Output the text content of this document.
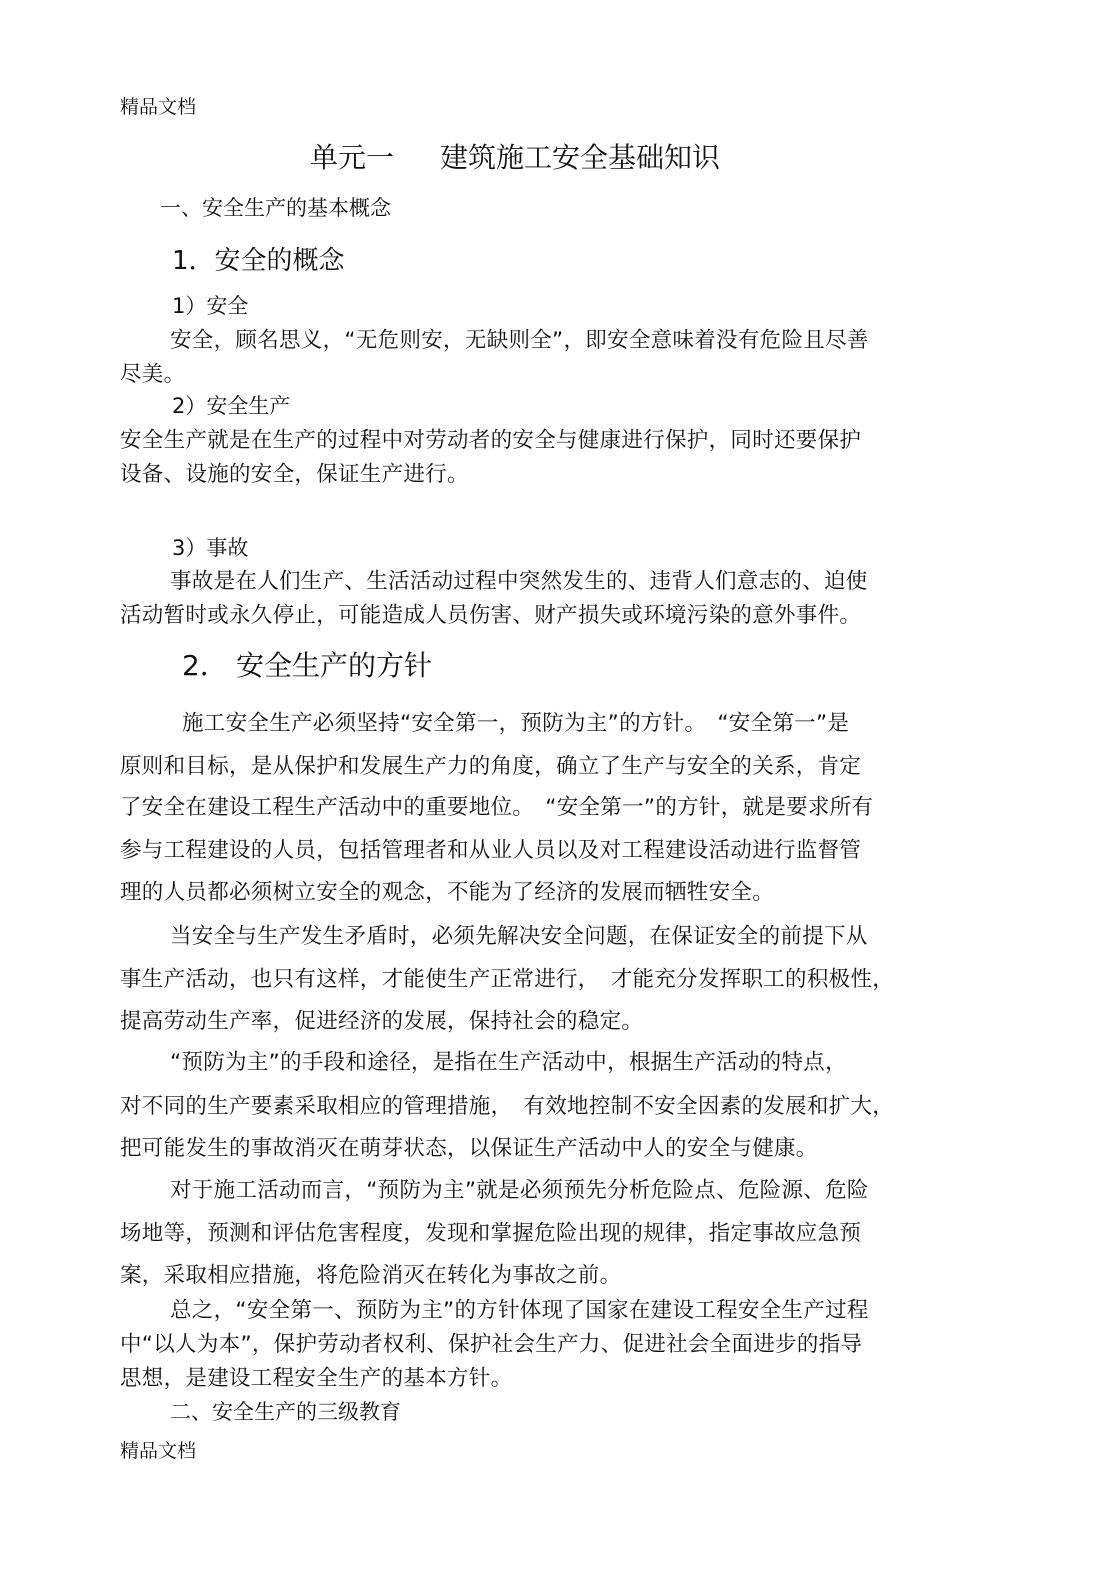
精品文档
单元一 建筑施工安全基础知识
一、安全生产的基本概念
1．安全的概念
1）安全
安全，顾名思义，“无危则安，无缺则全”，即安全意味着没有危险且尽善
尽美。
2）安全生产
安全生产就是在生产的过程中对劳动者的安全与健康进行保护，同时还要保护
设备、设施的安全，保证生产进行。
3）事故
事故是在人们生产、生活活动过程中突然发生的、违背人们意志的、迫使
活动暂时或永久停止，可能造成人员伤害、财产损失或环境污染的意外事件。
2． 安全生产的方针
施工安全生产必须坚持“安全第一，预防为主”的方针。　“安全第一”是
原则和目标，是从保护和发展生产力的角度，确立了生产与安全的关系，肯定
了安全在建设工程生产活动中的重要地位。　“安全第一”的方针，就是要求所有
参与工程建设的人员，包括管理者和从业人员以及对工程建设活动进行监督管
理的人员都必须树立安全的观念，不能为了经济的发展而牺牲安全。
当安全与生产发生矛盾时，必须先解决安全问题，在保证安全的前提下从
事生产活动，也只有这样，才能使生产正常进行，　才能充分发挥职工的积极性，
提高劳动生产率，促进经济的发展，保持社会的稳定。
“预防为主”的手段和途径，是指在生产活动中，根据生产活动的特点，
对不同的生产要素采取相应的管理措施，　有效地控制不安全因素的发展和扩大，
把可能发生的事故消灭在萌芽状态，以保证生产活动中人的安全与健康。
对于施工活动而言，“预防为主”就是必须预先分析危险点、危险源、危险
场地等，预测和评估危害程度，发现和掌握危险出现的规律，指定事故应急预
案，采取相应措施，将危险消灭在转化为事故之前。
总之，“安全第一、预防为主”的方针体现了国家在建设工程安全生产过程
中“以人为本”，保护劳动者权利、保护社会生产力、促进社会全面进步的指导
思想，是建设工程安全生产的基本方针。
二、安全生产的三级教育
精品文档
